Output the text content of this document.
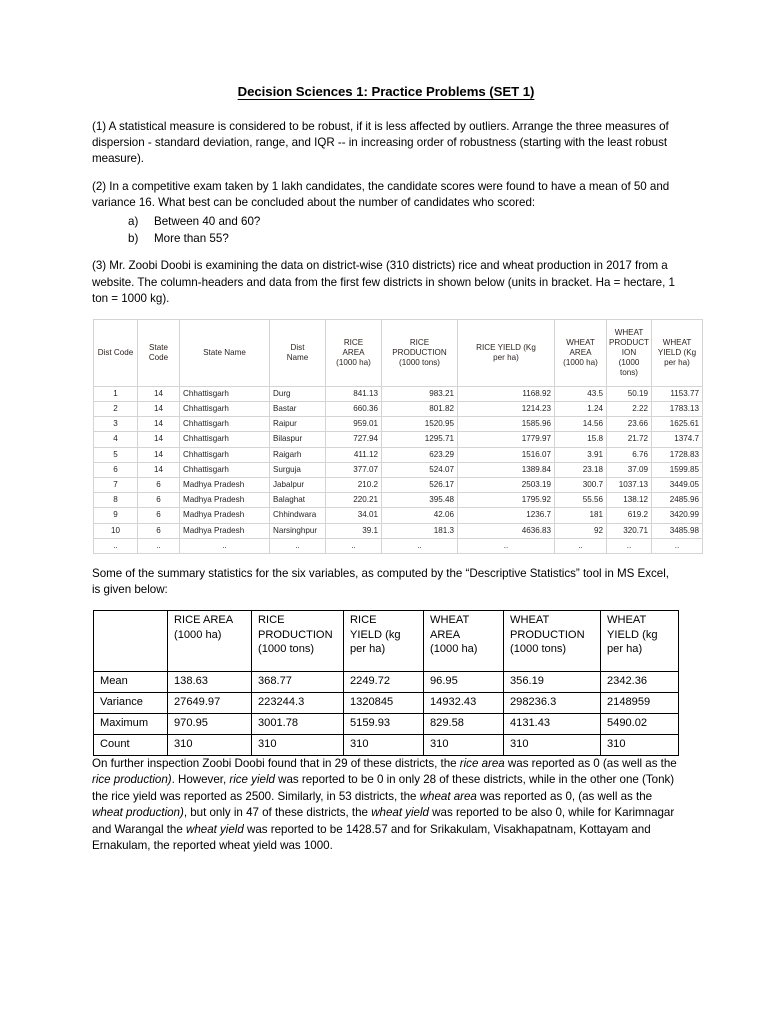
Decision Sciences 1: Practice Problems (SET 1)

(1) A statistical measure is considered to be robust, if it is less affected by outliers. Arrange the three measures of dispersion - standard deviation, range, and IQR -- in increasing order of robustness (starting with the least robust measure).

(2) In a competitive exam taken by 1 lakh candidates, the candidate scores were found to have a mean of 50 and variance 16. What best can be concluded about the number of candidates who scored:

a) Between 40 and 60?
b) More than 55?

(3) Mr. Zoobi Doobi is examining the data on district-wise (310 districts) rice and wheat production in 2017 from a website. The column-headers and data from the first few districts in shown below (units in bracket. Ha = hectare, 1 ton = 1000 kg).

Dist Code	State
Code	State Name	Dist
Name	RICE
AREA
(1000 ha)	RICE
PRODUCTION
(1000 tons)	RICE YIELD (Kg
per ha)	WHEAT
AREA
(1000 ha)	WHEAT
PRODUCT
ION
(1000
tons)	WHEAT
YIELD (Kg
per ha)

1	14	Chhattisgarh	Durg	841.13	983.21	1168.92	43.5	50.19	1153.77
2	14	Chhattisgarh	Bastar	660.36	801.82	1214.23	1.24	2.22	1783.13
3	14	Chhattisgarh	Raipur	959.01	1520.95	1585.96	14.56	23.66	1625.61
4	14	Chhattisgarh	Bilaspur	727.94	1295.71	1779.97	15.8	21.72	1374.7
5	14	Chhattisgarh	Raigarh	411.12	623.29	1516.07	3.91	6.76	1728.83
6	14	Chhattisgarh	Surguja	377.07	524.07	1389.84	23.18	37.09	1599.85
7	6	Madhya Pradesh	Jabalpur	210.2	526.17	2503.19	300.7	1037.13	3449.05
8	6	Madhya Pradesh	Balaghat	220.21	395.48	1795.92	55.56	138.12	2485.96
9	6	Madhya Pradesh	Chhindwara	34.01	42.06	1236.7	181	619.2	3420.99
10	6	Madhya Pradesh	Narsinghpur	39.1	181.3	4636.83	92	320.71	3485.98
..	..	..	..	..	..	..	..	..	..

Some of the summary statistics for the six variables, as computed by the “Descriptive Statistics” tool in MS Excel, is given below:

	RICE AREA
(1000 ha)	RICE
PRODUCTION
(1000 tons)	RICE
YIELD (kg
per ha)	WHEAT
AREA
(1000 ha)	WHEAT
PRODUCTION
(1000 tons)	WHEAT
YIELD (kg
per ha)

Mean	138.63	368.77	2249.72	96.95	356.19	2342.36
Variance	27649.97	223244.3	1320845	14932.43	298236.3	2148959
Maximum	970.95	3001.78	5159.93	829.58	4131.43	5490.02
Count	310	310	310	310	310	310

On further inspection Zoobi Doobi found that in 29 of these districts, the rice area was reported as 0 (as well as the rice production). However, rice yield was reported to be 0 in only 28 of these districts, while in the other one (Tonk) the rice yield was reported as 2500. Similarly, in 53 districts, the wheat area was reported as 0, (as well as the wheat production), but only in 47 of these districts, the wheat yield was reported to be also 0, while for Karimnagar and Warangal the wheat yield was reported to be 1428.57 and for Srikakulam, Visakhapatnam, Kottayam and Ernakulam, the reported wheat yield was 1000.
